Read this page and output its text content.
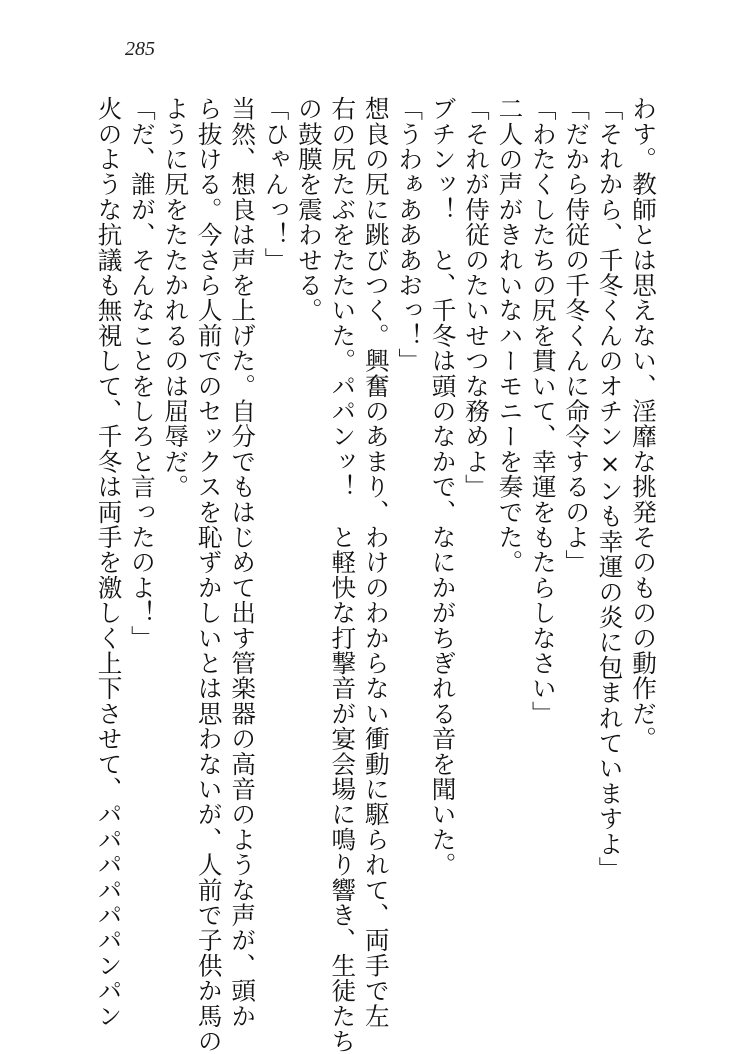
285
わす。教師とは思えない、淫靡な挑発そのものの動作だ。
「それから、千冬くんのオチン×ンも幸運の炎に包まれていますよ」
「だから侍従の千冬くんに命令するのよ」
「わたくしたちの尻を貫いて、幸運をもたらしなさい」
二人の声がきれいなハーモニーを奏でた。
「それが侍従のたいせつな務めよ」
ブチンッ！　と、千冬は頭のなかで、なにかがちぎれる音を聞いた。
「うわぁあああおっ！」
想良の尻に跳びつく。興奮のあまり、わけのわからない衝動に駆られて、両手で左
右の尻たぶをたたいた。パパンッ！　と軽快な打撃音が宴会場に鳴り響き、生徒たち
の鼓膜を震わせる。
「ひゃんっ！」
当然、想良は声を上げた。自分でもはじめて出す管楽器の高音のような声が、頭か
ら抜ける。今さら人前でのセックスを恥ずかしいとは思わないが、人前で子供か馬の
ように尻をたたかれるのは屈辱だ。
「だ、誰が、そんなことをしろと言ったのよ！」
火のような抗議も無視して、千冬は両手を激しく上下させて、パパパパパパンパン
